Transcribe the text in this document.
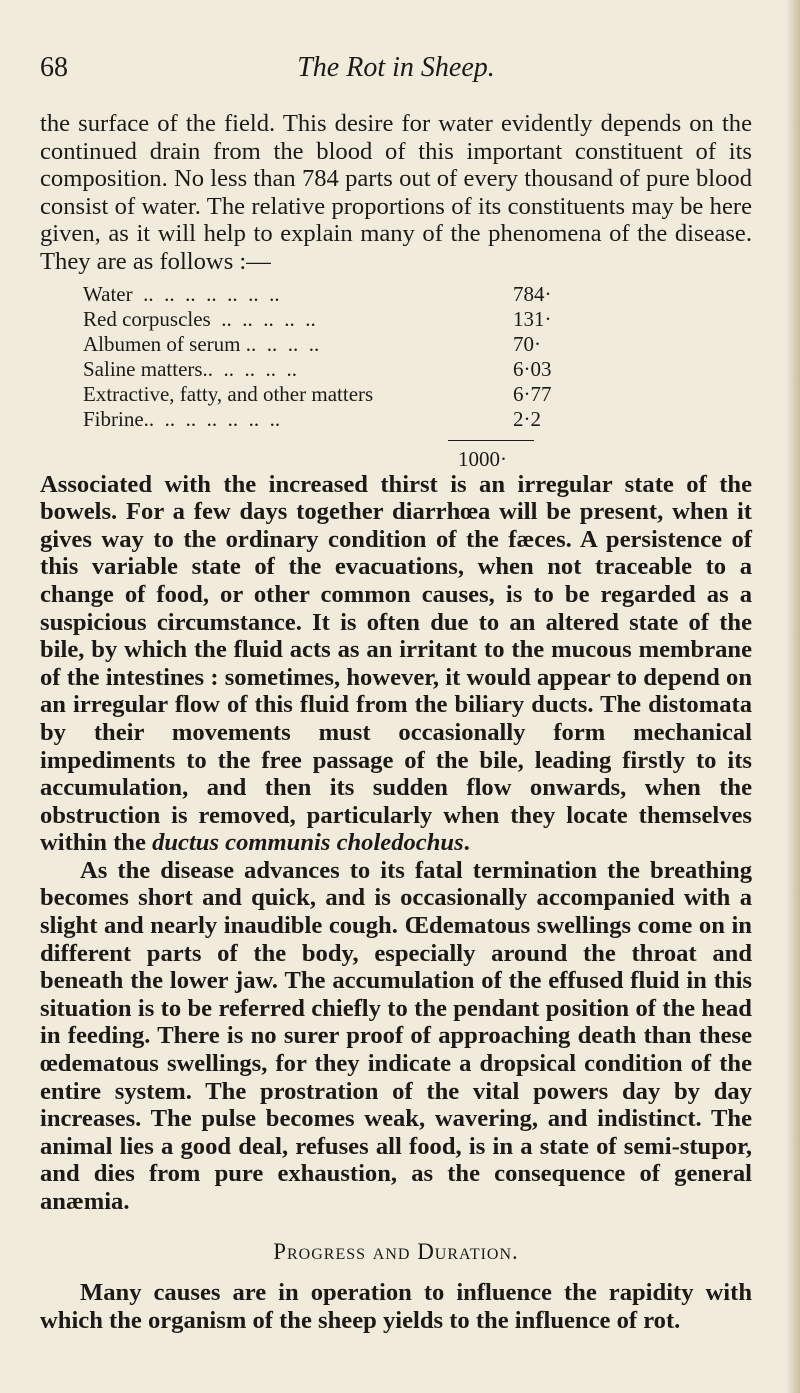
68	The Rot in Sheep.

the surface of the field. This desire for water evidently depends on the continued drain from the blood of this important constituent of its composition. No less than 784 parts out of every thousand of pure blood consist of water. The relative proportions of its constituents may be here given, as it will help to explain many of the phenomena of the disease. They are as follows :—

Water  ..  ..  ..  ..  ..  ..  ..	784·
Red corpuscles  ..  ..  ..  ..  ..	131·
Albumen of serum ..  ..  ..  ..	70·
Saline matters..  ..  ..  ..  ..	6·03
Extractive, fatty, and other matters	6·77
Fibrine..  ..  ..  ..  ..  ..  ..	2·2
1000·

Associated with the increased thirst is an irregular state of the bowels. For a few days together diarrhœa will be present, when it gives way to the ordinary condition of the fæces. A persistence of this variable state of the evacuations, when not traceable to a change of food, or other common causes, is to be regarded as a suspicious circumstance. It is often due to an altered state of the bile, by which the fluid acts as an irritant to the mucous membrane of the intestines : sometimes, however, it would appear to depend on an irregular flow of this fluid from the biliary ducts. The distomata by their movements must occasionally form mechanical impediments to the free passage of the bile, leading firstly to its accumulation, and then its sudden flow onwards, when the obstruction is removed, particularly when they locate themselves within the ductus communis choledochus.

As the disease advances to its fatal termination the breathing becomes short and quick, and is occasionally accompanied with a slight and nearly inaudible cough. Œdematous swellings come on in different parts of the body, especially around the throat and beneath the lower jaw. The accumulation of the effused fluid in this situation is to be referred chiefly to the pendant position of the head in feeding. There is no surer proof of approaching death than these œdematous swellings, for they indicate a dropsical condition of the entire system. The prostration of the vital powers day by day increases. The pulse becomes weak, wavering, and indistinct. The animal lies a good deal, refuses all food, is in a state of semi-stupor, and dies from pure exhaustion, as the consequence of general anæmia.

Progress and Duration.

Many causes are in operation to influence the rapidity with which the organism of the sheep yields to the influence of rot.
